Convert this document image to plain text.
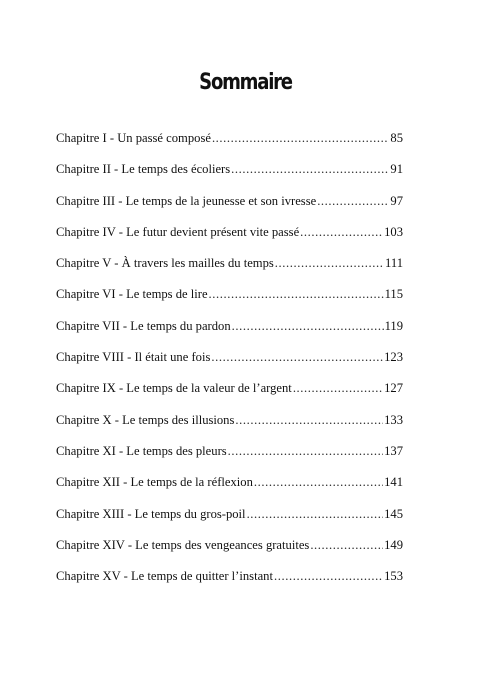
Sommaire
Chapitre I - Un passé composé .....	85
Chapitre II - Le temps des écoliers .....	91
Chapitre III - Le temps de la jeunesse et son ivresse .....	97
Chapitre IV - Le futur devient présent vite passé .....	103
Chapitre V - À travers les mailles du temps .....	111
Chapitre VI - Le temps de lire .....	115
Chapitre VII - Le temps du pardon .....	119
Chapitre VIII - Il était une fois .....	123
Chapitre IX - Le temps de la valeur de l’argent .....	127
Chapitre X - Le temps des illusions .....	133
Chapitre XI - Le temps des pleurs .....	137
Chapitre XII - Le temps de la réflexion .....	141
Chapitre XIII - Le temps du gros-poil .....	145
Chapitre XIV - Le temps des vengeances gratuites .....	149
Chapitre XV - Le temps de quitter l’instant .....	153
